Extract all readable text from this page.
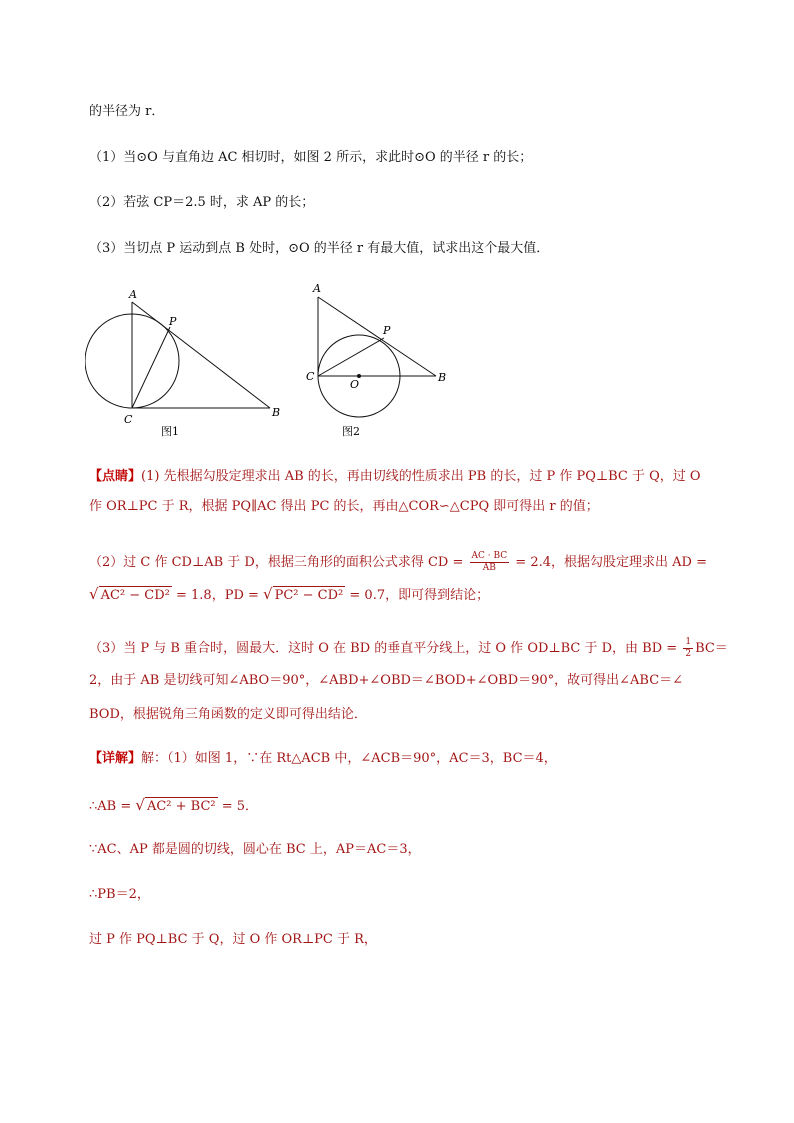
的半径为 r．
（1）当⊙O 与直角边 AC 相切时，如图 2 所示，求此时⊙O 的半径 r 的长；
（2）若弦 CP＝2.5 时，求 AP 的长；
（3）当切点 P 运动到点 B 处时，⊙O 的半径 r 有最大值，试求出这个最大值．
A
P
C
B
图1
A
P
C
O
B
图2
【点睛】(1) 先根据勾股定理求出 AB 的长，再由切线的性质求出 PB 的长，过 P 作 PQ⊥BC 于 Q，过 O
作 OR⊥PC 于 R，根据 PQ∥AC 得出 PC 的长，再由△COR∽△CPQ 即可得出 r 的值；
（2）过 C 作 CD⊥AB 于 D，根据三角形的面积公式求得 CD = $\frac{AC \cdot BC}{AB} = 2.4$，根据勾股定理求出 AD =
√ AC² − CD² = 1.8，PD = √ PC² − CD² = 0.7，即可得到结论；
（3）当 P 与 B 重合时，圆最大．这时 O 在 BD 的垂直平分线上，过 O 作 OD⊥BC 于 D，由 BD = $\frac{1}{2} BC=$
2，由于 AB 是切线可知∠ABO＝90°，∠ABD+∠OBD＝∠BOD+∠OBD＝90°，故可得出∠ABC＝∠
BOD，根据锐角三角函数的定义即可得出结论．
【详解】解：（1）如图 1，∵在 Rt△ACB 中，∠ACB＝90°，AC＝3，BC＝4，
∴AB = √ AC² + BC² = 5．
∵AC、AP 都是圆的切线，圆心在 BC 上，AP＝AC＝3，
∴PB＝2，
过 P 作 PQ⊥BC 于 Q，过 O 作 OR⊥PC 于 R，
